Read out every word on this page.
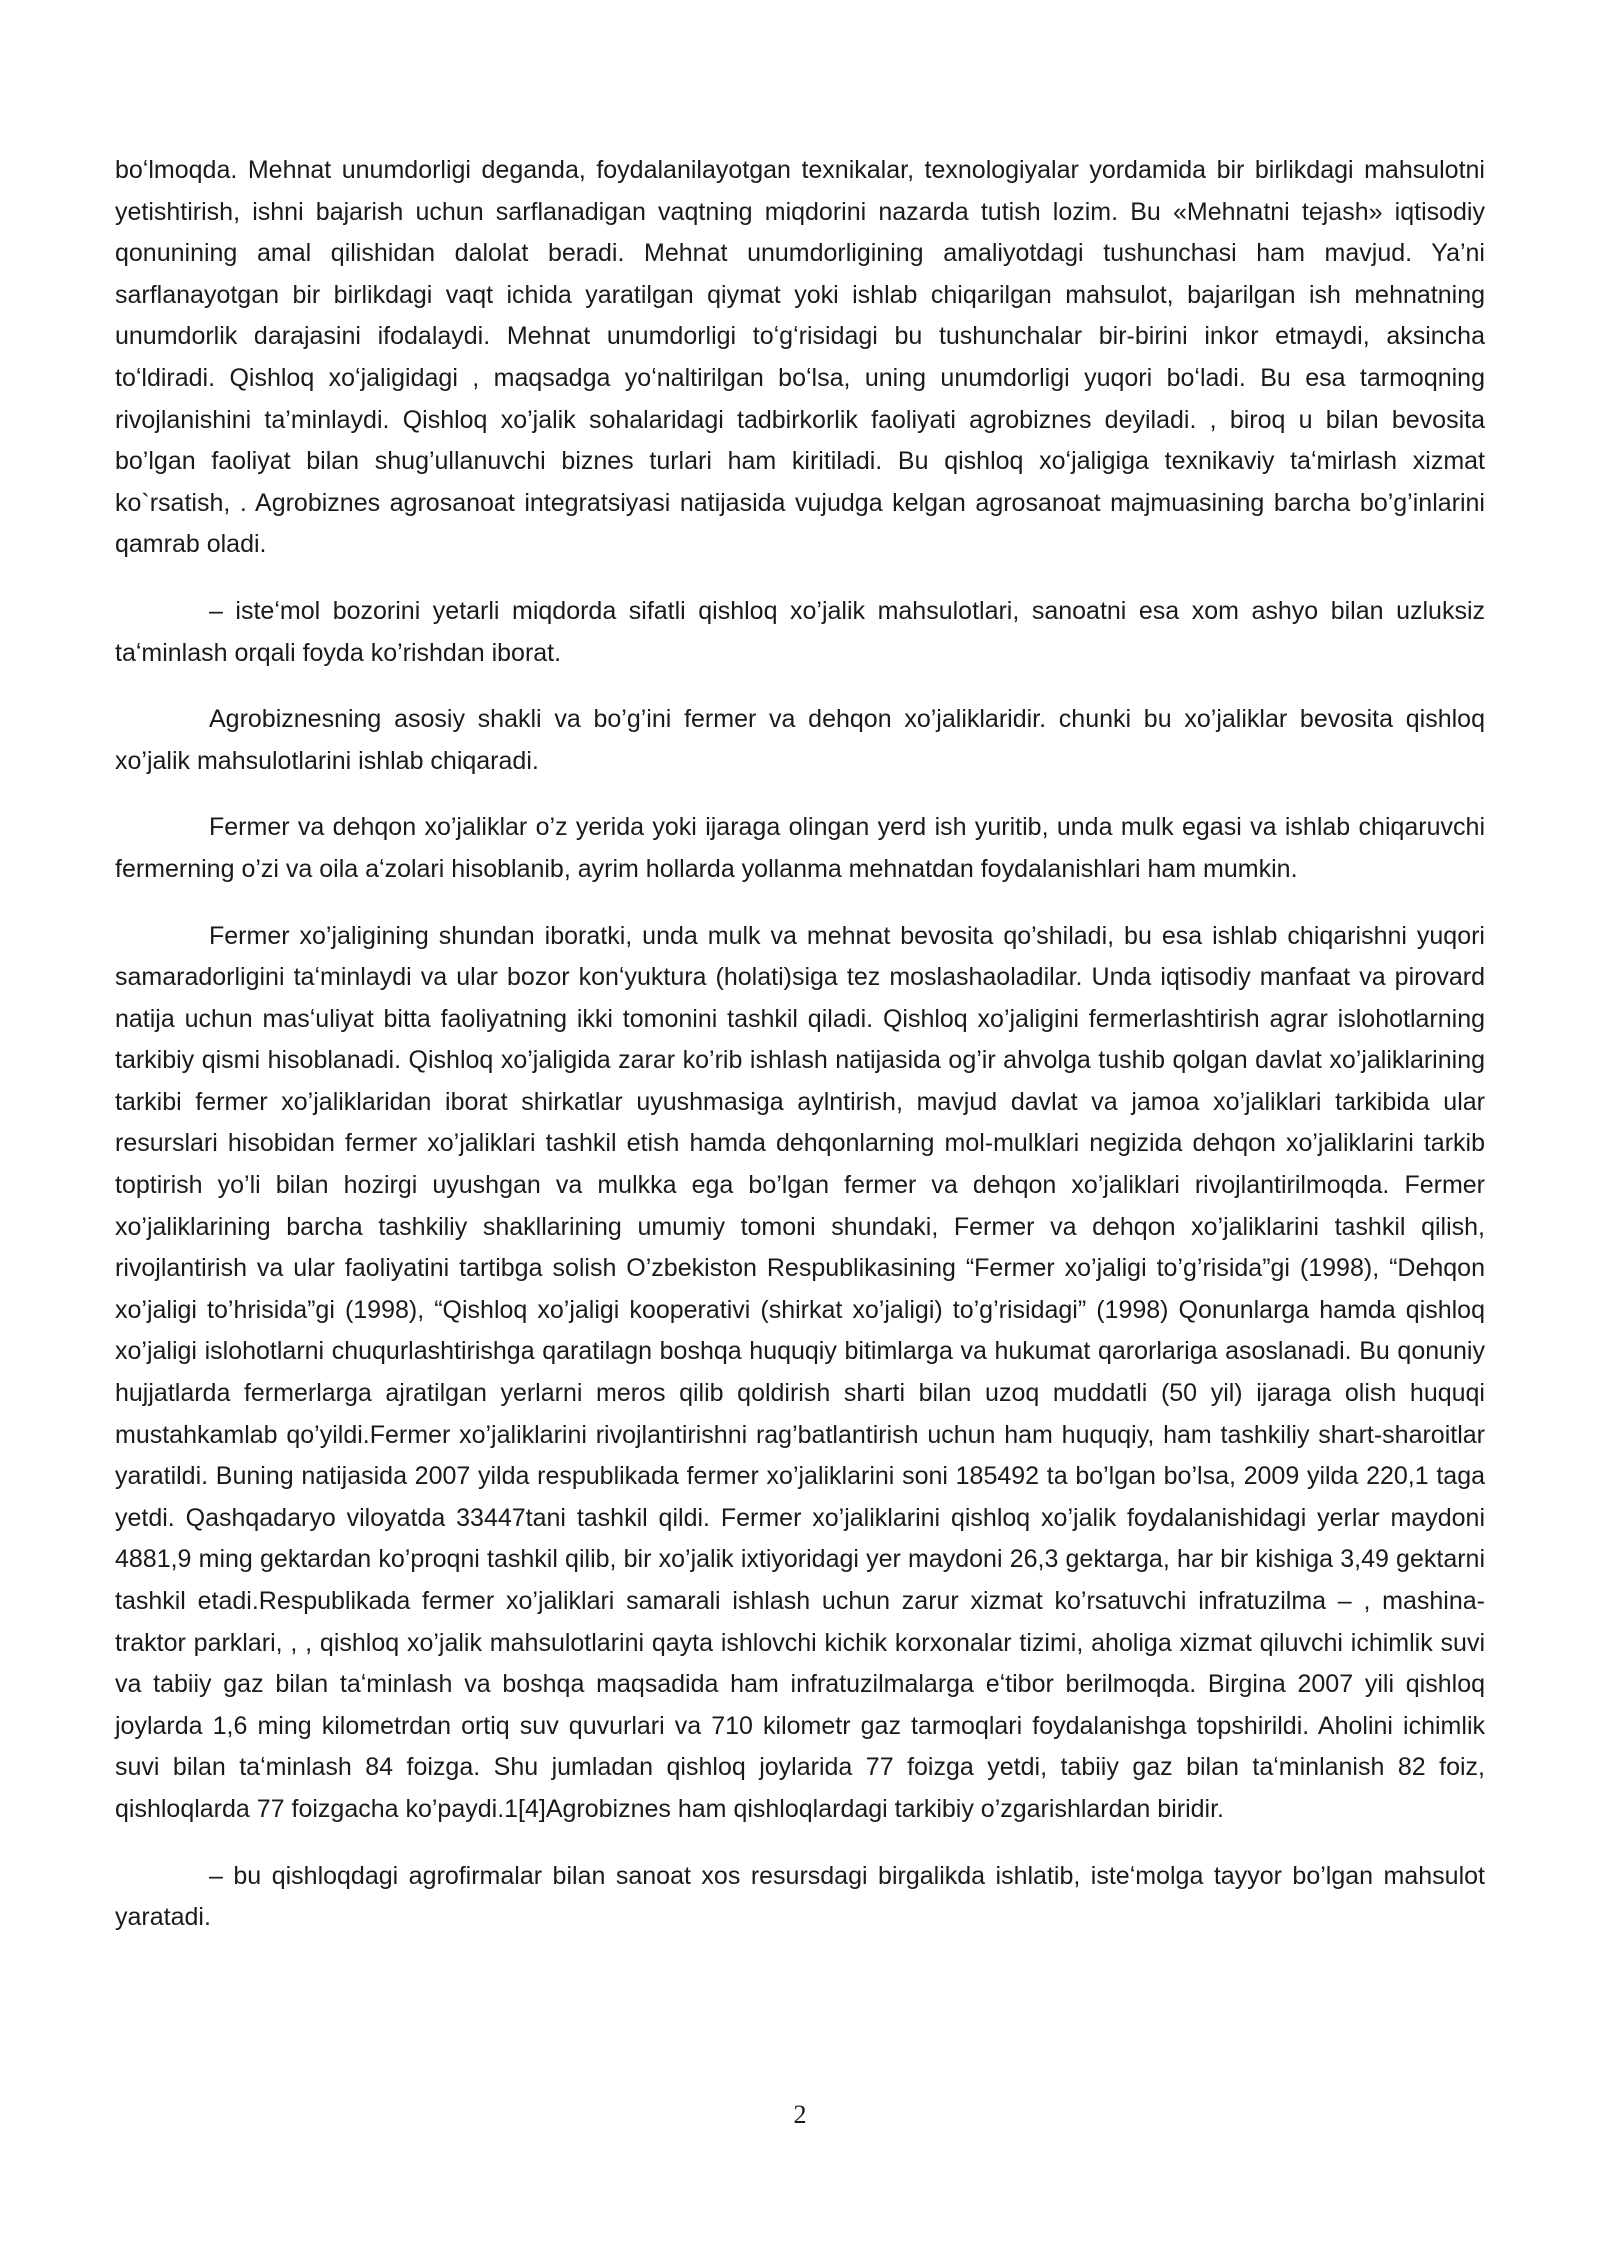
boʻlmoqda. Mehnat unumdorligi deganda, foydalanilayotgan texnikalar, texnologiyalar yordamida bir birlikdagi mahsulotni yetishtirish, ishni bajarish uchun sarflanadigan vaqtning miqdorini nazarda tutish lozim. Bu «Mehnatni tejash» iqtisodiy qonunining amal qilishidan dalolat beradi. Mehnat unumdorligining amaliyotdagi tushunchasi ham mavjud. Ya’ni sarflanayotgan bir birlikdagi vaqt ichida yaratilgan qiymat yoki ishlab chiqarilgan mahsulot, bajarilgan ish mehnatning unumdorlik darajasini ifodalaydi. Mehnat unumdorligi toʻgʻrisidagi bu tushunchalar bir-birini inkor etmaydi, aksincha toʻldiradi. Qishloq xoʻjaligidagi , maqsadga yoʻnaltirilgan boʻlsa, uning unumdorligi yuqori boʻladi. Bu esa tarmoqning rivojlanishini ta’minlaydi. Qishloq xo’jalik sohalaridagi tadbirkorlik faoliyati agrobiznes deyiladi. , biroq u bilan bevosita bo’lgan faoliyat bilan shug’ullanuvchi biznes turlari ham kiritiladi. Bu qishloq xoʻjaligiga texnikaviy taʻmirlash xizmat ko`rsatish, . Agrobiznes agrosanoat integratsiyasi natijasida vujudga kelgan agrosanoat majmuasining barcha bo’g’inlarini qamrab oladi.

– isteʻmol bozorini yetarli miqdorda sifatli qishloq xo’jalik mahsulotlari, sanoatni esa xom ashyo bilan uzluksiz taʻminlash orqali foyda ko’rishdan iborat.

Agrobiznesning asosiy shakli va bo’g’ini fermer va dehqon xo’jaliklaridir. chunki bu xo’jaliklar bevosita qishloq xo’jalik mahsulotlarini ishlab chiqaradi.

Fermer va dehqon xo’jaliklar o’z yerida yoki ijaraga olingan yerd ish yuritib, unda mulk egasi va ishlab chiqaruvchi fermerning o’zi va oila aʻzolari hisoblanib, ayrim hollarda yollanma mehnatdan foydalanishlari ham mumkin.

Fermer xo’jaligining shundan iboratki, unda mulk va mehnat bevosita qo’shiladi, bu esa ishlab chiqarishni yuqori samaradorligini taʻminlaydi va ular bozor konʻyuktura (holati)siga tez moslashaoladilar. Unda iqtisodiy manfaat va pirovard natija uchun masʻuliyat bitta faoliyatning ikki tomonini tashkil qiladi. Qishloq xo’jaligini fermerlashtirish agrar islohotlarning tarkibiy qismi hisoblanadi. Qishloq xo’jaligida zarar ko’rib ishlash natijasida og’ir ahvolga tushib qolgan davlat xo’jaliklarining tarkibi fermer xo’jaliklaridan iborat shirkatlar uyushmasiga aylntirish, mavjud davlat va jamoa xo’jaliklari tarkibida ular resurslari hisobidan fermer xo’jaliklari tashkil etish hamda dehqonlarning mol-mulklari negizida dehqon xo’jaliklarini tarkib toptirish yo’li bilan hozirgi uyushgan va mulkka ega bo’lgan fermer va dehqon xo’jaliklari rivojlantirilmoqda. Fermer xo’jaliklarining barcha tashkiliy shakllarining umumiy tomoni shundaki, Fermer va dehqon xo’jaliklarini tashkil qilish, rivojlantirish va ular faoliyatini tartibga solish O’zbekiston Respublikasining “Fermer xo’jaligi to’g’risida”gi (1998), “Dehqon xo’jaligi to’hrisida”gi (1998), “Qishloq xo’jaligi kooperativi (shirkat xo’jaligi) to’g’risidagi” (1998) Qonunlarga hamda qishloq xo’jaligi islohotlarni chuqurlashtirishga qaratilagn boshqa huquqiy bitimlarga va hukumat qarorlariga asoslanadi. Bu qonuniy hujjatlarda fermerlarga ajratilgan yerlarni meros qilib qoldirish sharti bilan uzoq muddatli (50 yil) ijaraga olish huquqi mustahkamlab qo’yildi.Fermer xo’jaliklarini rivojlantirishni rag’batlantirish uchun ham huquqiy, ham tashkiliy shart-sharoitlar yaratildi. Buning natijasida 2007 yilda respublikada fermer xo’jaliklarini soni 185492 ta bo’lgan bo’lsa, 2009 yilda 220,1 taga yetdi. Qashqadaryo viloyatda 33447tani tashkil qildi. Fermer xo’jaliklarini qishloq xo’jalik foydalanishidagi yerlar maydoni 4881,9 ming gektardan ko’proqni tashkil qilib, bir xo’jalik ixtiyoridagi yer maydoni 26,3 gektarga, har bir kishiga 3,49 gektarni tashkil etadi.Respublikada fermer xo’jaliklari samarali ishlash uchun zarur xizmat ko’rsatuvchi infratuzilma – , mashina-traktor parklari, , , qishloq xo’jalik mahsulotlarini qayta ishlovchi kichik korxonalar tizimi, aholiga xizmat qiluvchi ichimlik suvi va tabiiy gaz bilan taʻminlash va boshqa maqsadida ham infratuzilmalarga eʻtibor berilmoqda. Birgina 2007 yili qishloq joylarda 1,6 ming kilometrdan ortiq suv quvurlari va 710 kilometr gaz tarmoqlari foydalanishga topshirildi. Aholini ichimlik suvi bilan taʻminlash 84 foizga. Shu jumladan qishloq joylarida 77 foizga yetdi, tabiiy gaz bilan taʻminlanish 82 foiz, qishloqlarda 77 foizgacha ko’paydi.1[4]Agrobiznes ham qishloqlardagi tarkibiy o’zgarishlardan biridir.

– bu qishloqdagi agrofirmalar bilan sanoat xos resursdagi birgalikda ishlatib, isteʻmolga tayyor bo’lgan mahsulot yaratadi.

2
